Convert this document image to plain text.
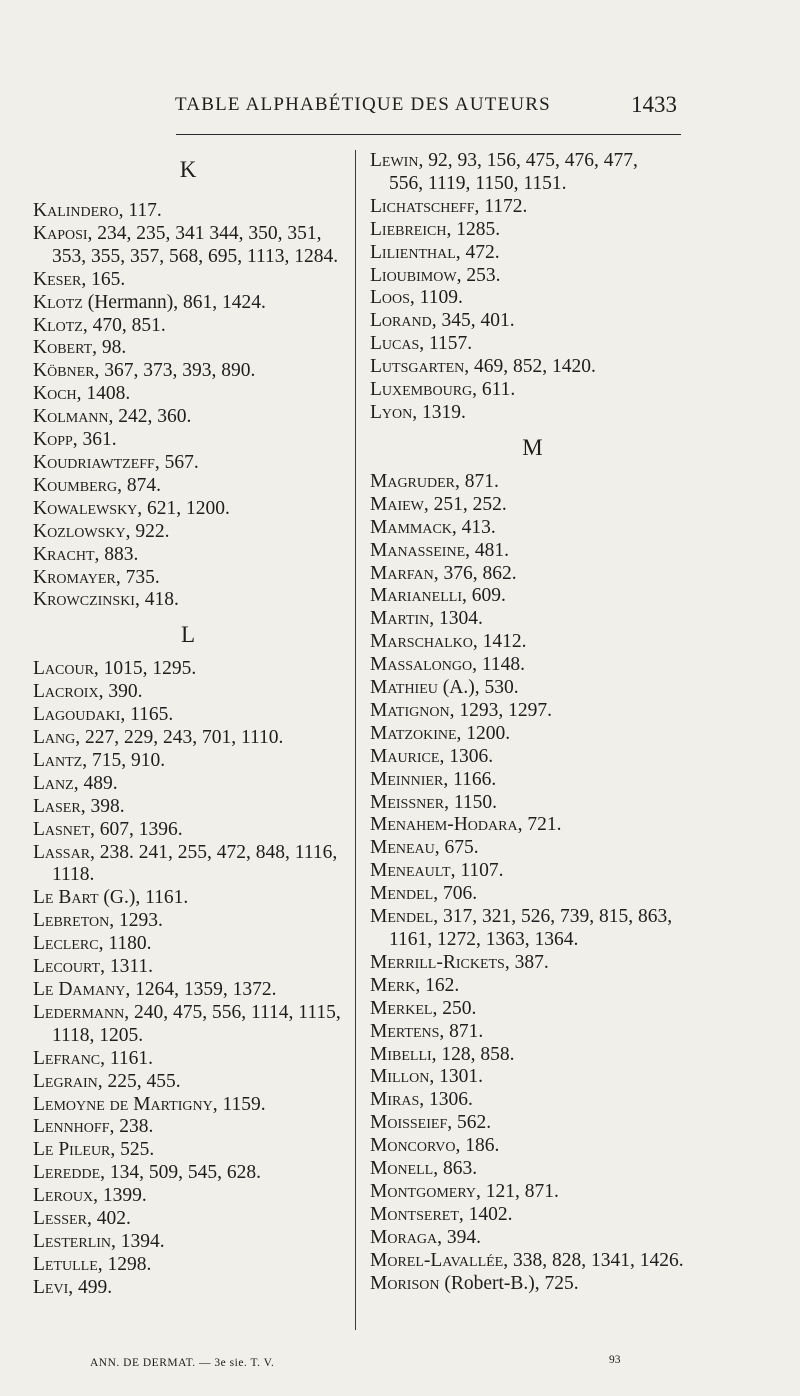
TABLE ALPHABÉTIQUE DES AUTEURS	1433
K
Kalindero, 117.
Kaposi, 234, 235, 341 344, 350, 351,
353, 355, 357, 568, 695, 1113, 1284.
Keser, 165.
Klotz (Hermann), 861, 1424.
Klotz, 470, 851.
Kobert, 98.
Köbner, 367, 373, 393, 890.
Koch, 1408.
Kolmann, 242, 360.
Kopp, 361.
Koudriawtzeff, 567.
Koumberg, 874.
Kowalewsky, 621, 1200.
Kozlowsky, 922.
Kracht, 883.
Kromayer, 735.
Krowczinski, 418.
L
Lacour, 1015, 1295.
Lacroix, 390.
Lagoudaki, 1165.
Lang, 227, 229, 243, 701, 1110.
Lantz, 715, 910.
Lanz, 489.
Laser, 398.
Lasnet, 607, 1396.
Lassar, 238. 241, 255, 472, 848, 1116,
1118.
Le Bart (G.), 1161.
Lebreton, 1293.
Leclerc, 1180.
Lecourt, 1311.
Le Damany, 1264, 1359, 1372.
Ledermann, 240, 475, 556, 1114, 1115,
1118, 1205.
Lefranc, 1161.
Legrain, 225, 455.
Lemoyne de Martigny, 1159.
Lennhoff, 238.
Le Pileur, 525.
Leredde, 134, 509, 545, 628.
Leroux, 1399.
Lesser, 402.
Lesterlin, 1394.
Letulle, 1298.
Levi, 499.
Lewin, 92, 93, 156, 475, 476, 477,
556, 1119, 1150, 1151.
Lichatscheff, 1172.
Liebreich, 1285.
Lilienthal, 472.
Lioubimow, 253.
Loos, 1109.
Lorand, 345, 401.
Lucas, 1157.
Lutsgarten, 469, 852, 1420.
Luxembourg, 611.
Lyon, 1319.
M
Magruder, 871.
Maiew, 251, 252.
Mammack, 413.
Manasseine, 481.
Marfan, 376, 862.
Marianelli, 609.
Martin, 1304.
Marschalko, 1412.
Massalongo, 1148.
Mathieu (A.), 530.
Matignon, 1293, 1297.
Matzokine, 1200.
Maurice, 1306.
Meinnier, 1166.
Meissner, 1150.
Menahem-Hodara, 721.
Meneau, 675.
Meneault, 1107.
Mendel, 706.
Mendel, 317, 321, 526, 739, 815, 863,
1161, 1272, 1363, 1364.
Merrill-Rickets, 387.
Merk, 162.
Merkel, 250.
Mertens, 871.
Mibelli, 128, 858.
Millon, 1301.
Miras, 1306.
Moisseief, 562.
Moncorvo, 186.
Monell, 863.
Montgomery, 121, 871.
Montseret, 1402.
Moraga, 394.
Morel-Lavallée, 338, 828, 1341, 1426.
Morison (Robert-B.), 725.
ANN. DE DERMAT. — 3e sie. T. V.	93
